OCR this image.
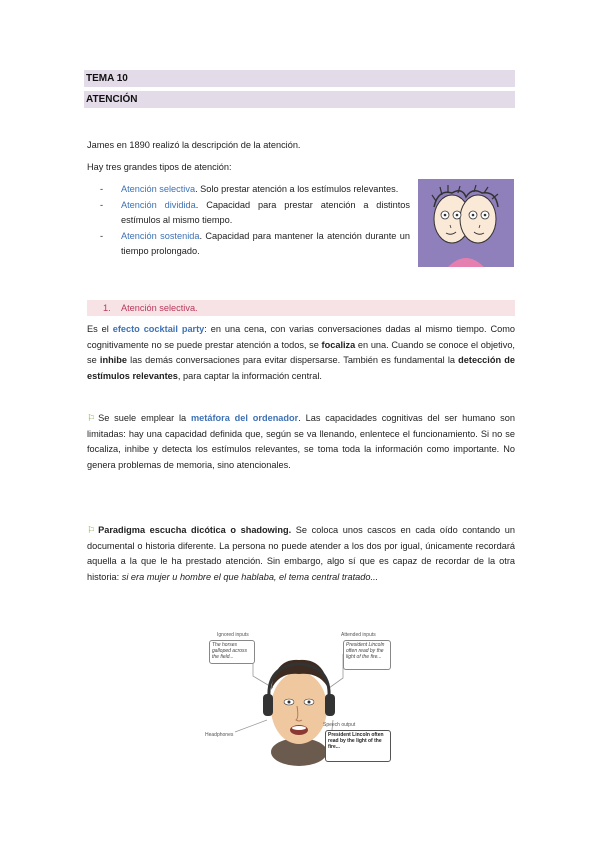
TEMA 10
ATENCIÓN
James en 1890 realizó la descripción de la atención.
Hay tres grandes tipos de atención:
-	Atención selectiva. Solo prestar atención a los estímulos relevantes.
-	Atención dividida. Capacidad para prestar atención a distintos estímulos al mismo tiempo.
-	Atención sostenida. Capacidad para mantener la atención durante un tiempo prolongado.
1. Atención selectiva.
Es el efecto cocktail party: en una cena, con varias conversaciones dadas al mismo tiempo. Como cognitivamente no se puede prestar atención a todos, se focaliza en una. Cuando se conoce el objetivo, se inhibe las demás conversaciones para evitar dispersarse. También es fundamental la detección de estímulos relevantes, para captar la información central.
⚐ Se suele emplear la metáfora del ordenador. Las capacidades cognitivas del ser humano son limitadas: hay una capacidad definida que, según se va llenando, enlentece el funcionamiento. Si no se focaliza, inhibe y detecta los estímulos relevantes, se toma toda la información como importante. No genera problemas de memoria, sino atencionales.
⚐ Paradigma escucha dicótica o shadowing. Se coloca unos cascos en cada oído contando un documental o historia diferente. La persona no puede atender a los dos por igual, únicamente recordará aquella a la que le ha prestado atención. Sin embargo, algo sí que es capaz de recordar de la otra historia: si era mujer u hombre el que hablaba, el tema central tratado...
Ignored inputs
The horses galloped across the field...
Attended inputs
President Lincoln often read by the light of the fire...
Headphones
Speech output
President Lincoln often read by the light of the fire...
